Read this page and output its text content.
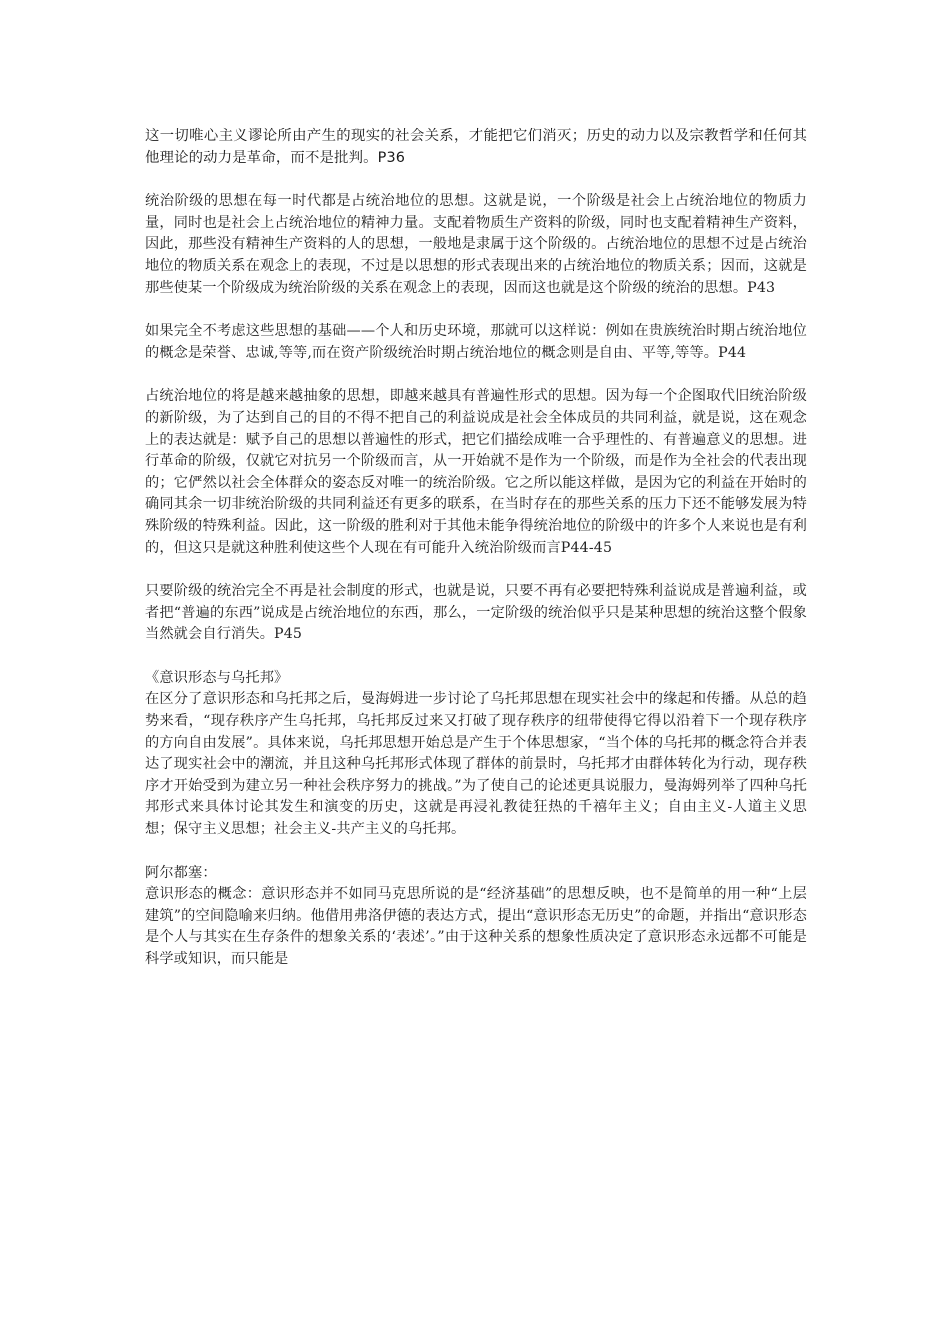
这一切唯心主义谬论所由产生的现实的社会关系，才能把它们消灭；历史的动力以及宗教哲学和任何其他理论的动力是革命，而不是批判。P36

统治阶级的思想在每一时代都是占统治地位的思想。这就是说，一个阶级是社会上占统治地位的物质力量，同时也是社会上占统治地位的精神力量。支配着物质生产资料的阶级，同时也支配着精神生产资料，因此，那些没有精神生产资料的人的思想，一般地是隶属于这个阶级的。占统治地位的思想不过是占统治地位的物质关系在观念上的表现，不过是以思想的形式表现出来的占统治地位的物质关系；因而，这就是那些使某一个阶级成为统治阶级的关系在观念上的表现，因而这也就是这个阶级的统治的思想。P43

如果完全不考虑这些思想的基础——个人和历史环境，那就可以这样说：例如在贵族统治时期占统治地位的概念是荣誉、忠诚,等等,而在资产阶级统治时期占统治地位的概念则是自由、平等,等等。P44

占统治地位的将是越来越抽象的思想，即越来越具有普遍性形式的思想。因为每一个企图取代旧统治阶级的新阶级，为了达到自己的目的不得不把自己的利益说成是社会全体成员的共同利益，就是说，这在观念上的表达就是：赋予自己的思想以普遍性的形式，把它们描绘成唯一合乎理性的、有普遍意义的思想。进行革命的阶级，仅就它对抗另一个阶级而言，从一开始就不是作为一个阶级，而是作为全社会的代表出现的；它俨然以社会全体群众的姿态反对唯一的统治阶级。它之所以能这样做，是因为它的利益在开始时的确同其余一切非统治阶级的共同利益还有更多的联系，在当时存在的那些关系的压力下还不能够发展为特殊阶级的特殊利益。因此，这一阶级的胜利对于其他未能争得统治地位的阶级中的许多个人来说也是有利的，但这只是就这种胜利使这些个人现在有可能升入统治阶级而言P44-45

只要阶级的统治完全不再是社会制度的形式，也就是说，只要不再有必要把特殊利益说成是普遍利益，或者把“普遍的东西”说成是占统治地位的东西，那么，一定阶级的统治似乎只是某种思想的统治这整个假象当然就会自行消失。P45

《意识形态与乌托邦》

在区分了意识形态和乌托邦之后，曼海姆进一步讨论了乌托邦思想在现实社会中的缘起和传播。从总的趋势来看，“现存秩序产生乌托邦，乌托邦反过来又打破了现存秩序的纽带使得它得以沿着下一个现存秩序的方向自由发展”。具体来说，乌托邦思想开始总是产生于个体思想家，“当个体的乌托邦的概念符合并表达了现实社会中的潮流，并且这种乌托邦形式体现了群体的前景时，乌托邦才由群体转化为行动，现存秩序才开始受到为建立另一种社会秩序努力的挑战。”为了使自己的论述更具说服力，曼海姆列举了四种乌托邦形式来具体讨论其发生和演变的历史，这就是再浸礼教徒狂热的千禧年主义；自由主义-人道主义思想；保守主义思想；社会主义-共产主义的乌托邦。

阿尔都塞：

意识形态的概念：意识形态并不如同马克思所说的是“经济基础”的思想反映，也不是简单的用一种“上层建筑”的空间隐喻来归纳。他借用弗洛伊德的表达方式，提出“意识形态无历史”的命题，并指出“意识形态是个人与其实在生存条件的想象关系的‘表述’。”由于这种关系的想象性质决定了意识形态永远都不可能是科学或知识，而只能是
